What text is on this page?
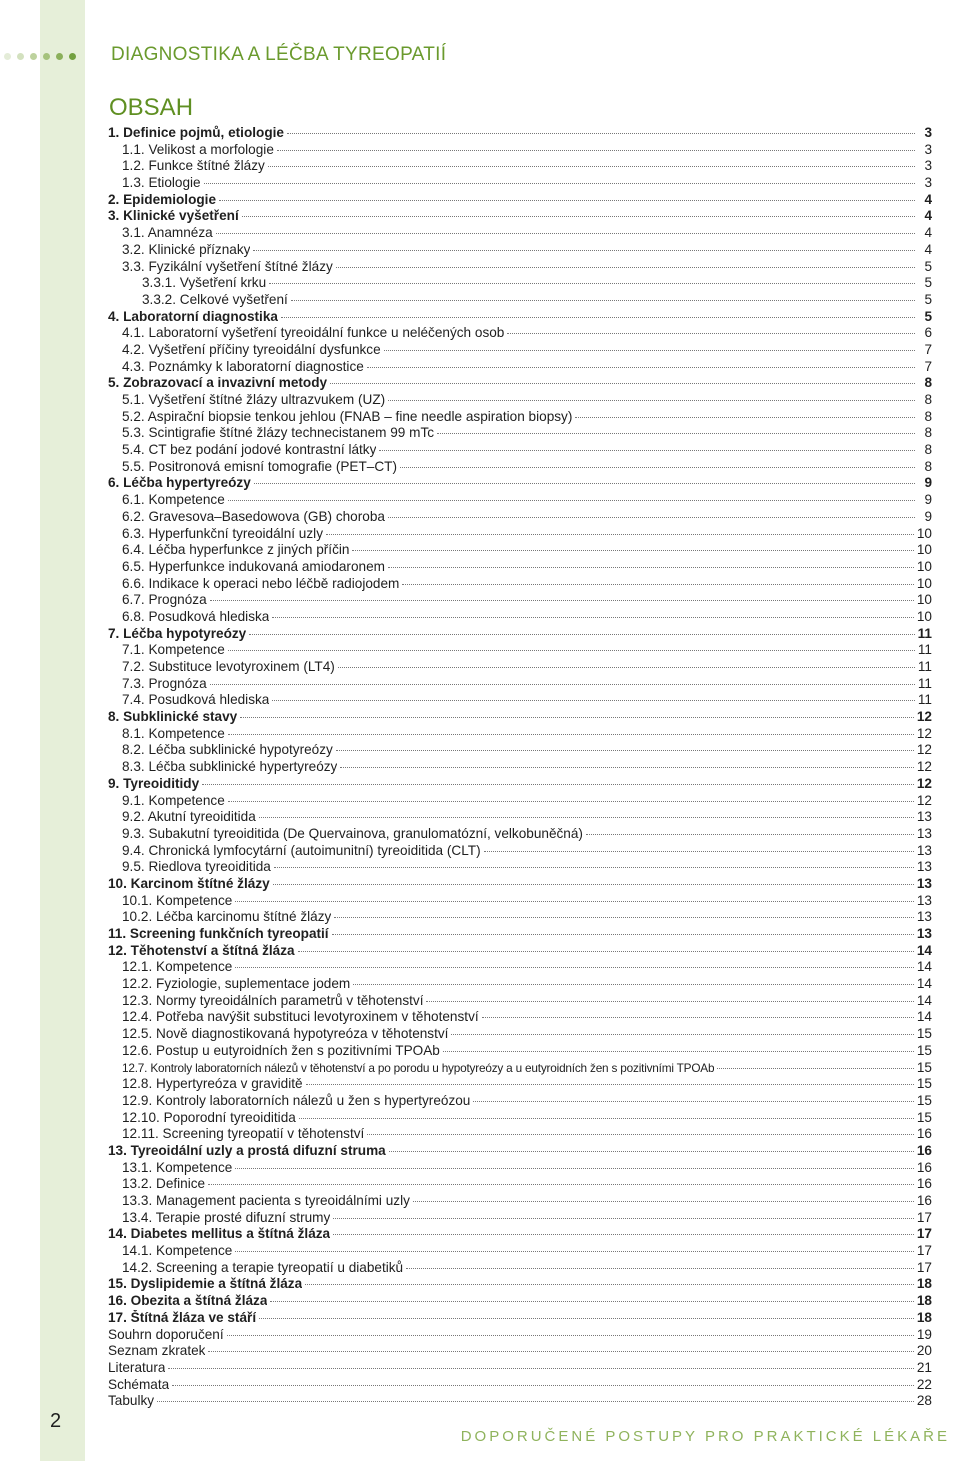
2
DIAGNOSTIKA A LÉČBA TYREOPATIÍ
OBSAH
1. Definice pojmů, etiologie	3
1.1. Velikost a morfologie	3
1.2. Funkce štítné žlázy	3
1.3. Etiologie	3
2. Epidemiologie	4
3. Klinické vyšetření	4
3.1. Anamnéza	4
3.2. Klinické příznaky	4
3.3. Fyzikální vyšetření štítné žlázy	5
3.3.1. Vyšetření krku	5
3.3.2. Celkové vyšetření	5
4. Laboratorní diagnostika	5
4.1. Laboratorní vyšetření tyreoidální funkce u neléčených osob	6
4.2. Vyšetření příčiny tyreoidální dysfunkce	7
4.3. Poznámky k laboratorní diagnostice	7
5. Zobrazovací a invazivní metody	8
5.1. Vyšetření štítné žlázy ultrazvukem (UZ)	8
5.2. Aspirační biopsie tenkou jehlou (FNAB – fine needle aspiration biopsy)	8
5.3. Scintigrafie štítné žlázy technecistanem 99 mTc	8
5.4. CT bez podání jodové kontrastní látky	8
5.5. Positronová emisní tomografie (PET–CT)	8
6. Léčba hypertyreózy	9
6.1. Kompetence	9
6.2. Gravesova–Basedowova (GB) choroba	9
6.3. Hyperfunkční tyreoidální uzly	10
6.4. Léčba hyperfunkce z jiných příčin	10
6.5. Hyperfunkce indukovaná amiodaronem	10
6.6. Indikace k operaci nebo léčbě radiojodem	10
6.7. Prognóza	10
6.8. Posudková hlediska	10
7. Léčba hypotyreózy	11
7.1. Kompetence	11
7.2. Substituce levotyroxinem (LT4)	11
7.3. Prognóza	11
7.4. Posudková hlediska	11
8. Subklinické stavy	12
8.1. Kompetence	12
8.2. Léčba subklinické hypotyreózy	12
8.3. Léčba subklinické hypertyreózy	12
9. Tyreoiditidy	12
9.1. Kompetence	12
9.2. Akutní tyreoiditida	13
9.3. Subakutní tyreoiditida (De Quervainova, granulomatózní, velkobuněčná)	13
9.4. Chronická lymfocytární (autoimunitní) tyreoiditida (CLT)	13
9.5. Riedlova tyreoiditida	13
10. Karcinom štítné žlázy	13
10.1. Kompetence	13
10.2. Léčba karcinomu štítné žlázy	13
11. Screening funkčních tyreopatií	13
12. Těhotenství a štítná žláza	14
12.1. Kompetence	14
12.2. Fyziologie, suplementace jodem	14
12.3. Normy tyreoidálních parametrů v těhotenství	14
12.4. Potřeba navýšit substituci levotyroxinem v těhotenství	14
12.5. Nově diagnostikovaná hypotyreóza v těhotenství	15
12.6. Postup u eutyroidních žen s pozitivními TPOAb	15
12.7. Kontroly laboratorních nálezů v těhotenství a po porodu u hypotyreózy a u eutyroidních žen s pozitivními TPOAb	15
12.8. Hypertyreóza v graviditě	15
12.9. Kontroly laboratorních nálezů u žen s hypertyreózou	15
12.10. Poporodní tyreoiditida	15
12.11. Screening tyreopatií v těhotenství	16
13. Tyreoidální uzly a prostá difuzní struma	16
13.1. Kompetence	16
13.2. Definice	16
13.3. Management pacienta s tyreoidálními uzly	16
13.4. Terapie prosté difuzní strumy	17
14. Diabetes mellitus a štítná žláza	17
14.1. Kompetence	17
14.2. Screening a terapie tyreopatií u diabetiků	17
15. Dyslipidemie a štítná žláza	18
16. Obezita a štítná žláza	18
17. Štítná žláza ve stáří	18
Souhrn doporučení	19
Seznam zkratek	20
Literatura	21
Schémata	22
Tabulky	28
DOPORUČENÉ POSTUPY PRO PRAKTICKÉ LÉKAŘE
